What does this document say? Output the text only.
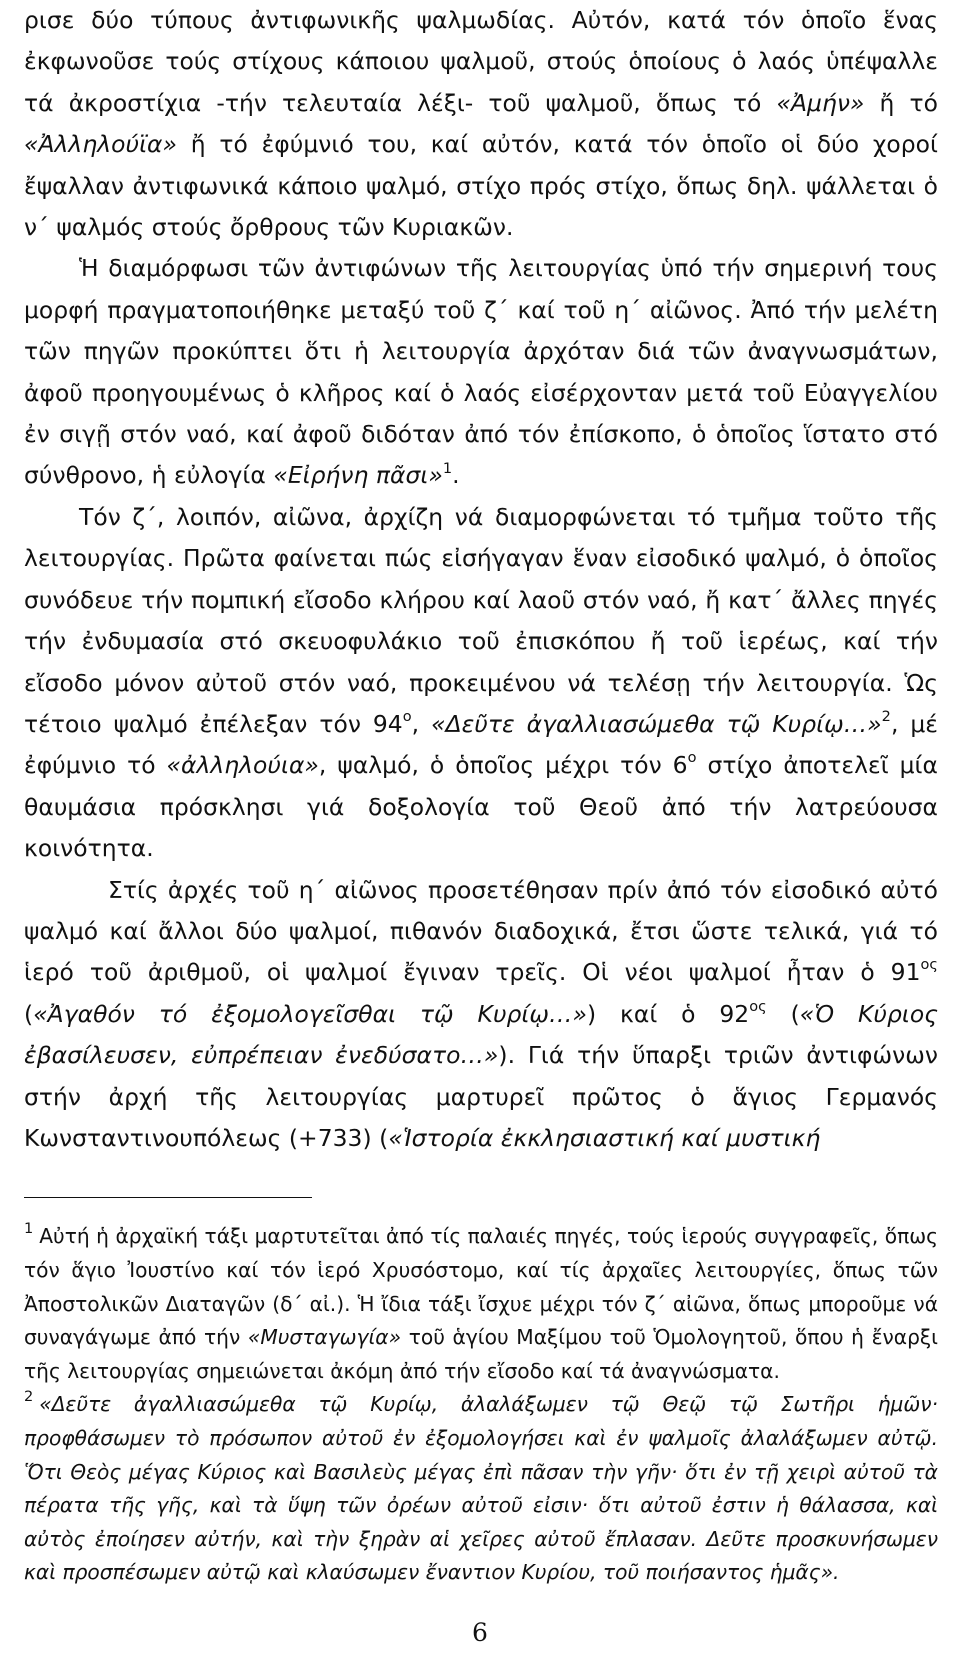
ρισε δύο τύπους ἀντιφωνικῆς ψαλμωδίας. Αὐτόν, κατά τόν ὁποῖο ἕνας ἐκφωνοῦσε τούς στίχους κάποιου ψαλμοῦ, στούς ὁποίους ὁ λαός ὑπέψαλλε τά ἀκροστίχια -τήν τελευταία λέξι- τοῦ ψαλμοῦ, ὅπως τό «Ἀμήν» ἤ τό «Ἀλληλούϊα» ἤ τό ἐφύμνιό του, καί αὐτόν, κατά τόν ὁποῖο οἱ δύο χοροί ἔψαλλαν ἀντιφωνικά κάποιο ψαλμό, στίχο πρός στίχο, ὅπως δηλ. ψάλλεται ὁ ν΄ ψαλμός στούς ὄρθρους τῶν Κυριακῶν.

Ἡ διαμόρφωσι τῶν ἀντιφώνων τῆς λειτουργίας ὑπό τήν σημερινή τους μορφή πραγματοποιήθηκε μεταξύ τοῦ ζ΄ καί τοῦ η΄ αἰῶνος. Ἀπό τήν μελέτη τῶν πηγῶν προκύπτει ὅτι ἡ λειτουργία ἀρχόταν διά τῶν ἀναγνωσμάτων, ἀφοῦ προηγουμένως ὁ κλῆρος καί ὁ λαός εἰσέρχονταν μετά τοῦ Εὐαγγελίου ἐν σιγῇ στόν ναό, καί ἀφοῦ διδόταν ἀπό τόν ἐπίσκοπο, ὁ ὁποῖος ἵστατο στό σύνθρονο, ἡ εὐλογία «Εἰρήνη πᾶσι»$^1$.

Τόν ζ΄, λοιπόν, αἰῶνα, ἀρχίζη νά διαμορφώνεται τό τμῆμα τοῦτο τῆς λειτουργίας. Πρῶτα φαίνεται πώς εἰσήγαγαν ἕναν εἰσοδικό ψαλμό, ὁ ὁποῖος συνόδευε τήν πομπική εἴσοδο κλήρου καί λαοῦ στόν ναό, ἤ κατ΄ ἄλλες πηγές τήν ἐνδυμασία στό σκευοφυλάκιο τοῦ ἐπισκόπου ἤ τοῦ ἱερέως, καί τήν εἴσοδο μόνον αὐτοῦ στόν ναό, προκειμένου νά τελέσῃ τήν λειτουργία. Ὡς τέτοιο ψαλμό ἐπέλεξαν τόν $94^o$, «Δεῦτε ἀγαλλιασώμεθα τῷ Κυρίῳ…»$^2$, μέ ἐφύμνιο τό «ἀλληλούια», ψαλμό, ὁ ὁποῖος μέχρι τόν $6^o$ στίχο ἀποτελεῖ μία θαυμάσια πρόσκλησι γιά δοξολογία τοῦ Θεοῦ ἀπό τήν λατρεύουσα κοινότητα.

Στίς ἀρχές τοῦ η΄ αἰῶνος προσετέθησαν πρίν ἀπό τόν εἰσοδικό αὐτό ψαλμό καί ἄλλοι δύο ψαλμοί, πιθανόν διαδοχικά, ἔτσι ὥστε τελικά, γιά τό ἱερό τοῦ ἀριθμοῦ, οἱ ψαλμοί ἔγιναν τρεῖς. Οἱ νέοι ψαλμοί ἦταν ὁ $91^{o\varsigma}$ («Ἀγαθόν τό ἐξομολογεῖσθαι τῷ Κυρίῳ…») καί ὁ $92^{o\varsigma}$ («Ὁ Κύριος ἐβασίλευσεν, εὐπρέπειαν ἐνεδύσατο…»). Γιά τήν ὕπαρξι τριῶν ἀντιφώνων στήν ἀρχή τῆς λειτουργίας μαρτυρεῖ πρῶτος ὁ ἅγιος Γερμανός Κωνσταντινουπόλεως (+733) («Ἱστορία ἐκκλησιαστική καί μυστική

$^1$ Αὐτή ἡ ἀρχαϊκή τάξι μαρτυτεῖται ἀπό τίς παλαιές πηγές, τούς ἱερούς συγγραφεῖς, ὅπως τόν ἅγιο Ἰουστίνο καί τόν ἱερό Χρυσόστομο, καί τίς ἀρχαῖες λειτουργίες, ὅπως τῶν Ἀποστολικῶν Διαταγῶν (δ΄ αἰ.). Ἡ ἴδια τάξι ἴσχυε μέχρι τόν ζ΄ αἰῶνα, ὅπως μποροῦμε νά συναγάγωμε ἀπό τήν «Μυσταγωγία» τοῦ ἁγίου Μαξίμου τοῦ Ὁμολογητοῦ, ὅπου ἡ ἔναρξι τῆς λειτουργίας σημειώνεται ἀκόμη ἀπό τήν εἴσοδο καί τά ἀναγνώσματα.

$^2$ «Δεῦτε ἀγαλλιασώμεθα τῷ Κυρίῳ, ἀλαλάξωμεν τῷ Θεῷ τῷ Σωτῆρι ἡμῶν· προφθάσωμεν τὸ πρόσωπον αὐτοῦ ἐν ἐξομολογήσει καὶ ἐν ψαλμοῖς ἀλαλάξωμεν αὐτῷ. Ὅτι Θεὸς μέγας Κύριος καὶ Βασιλεὺς μέγας ἐπὶ πᾶσαν τὴν γῆν· ὅτι ἐν τῇ χειρὶ αὐτοῦ τὰ πέρατα τῆς γῆς, καὶ τὰ ὕψη τῶν ὀρέων αὐτοῦ εἰσιν· ὅτι αὐτοῦ ἐστιν ἡ θάλασσα, καὶ αὐτὸς ἐποίησεν αὐτήν, καὶ τὴν ξηρὰν αἱ χεῖρες αὐτοῦ ἔπλασαν. Δεῦτε προσκυνήσωμεν καὶ προσπέσωμεν αὐτῷ καὶ κλαύσωμεν ἔναντιον Κυρίου, τοῦ ποιήσαντος ἡμᾶς».

6
